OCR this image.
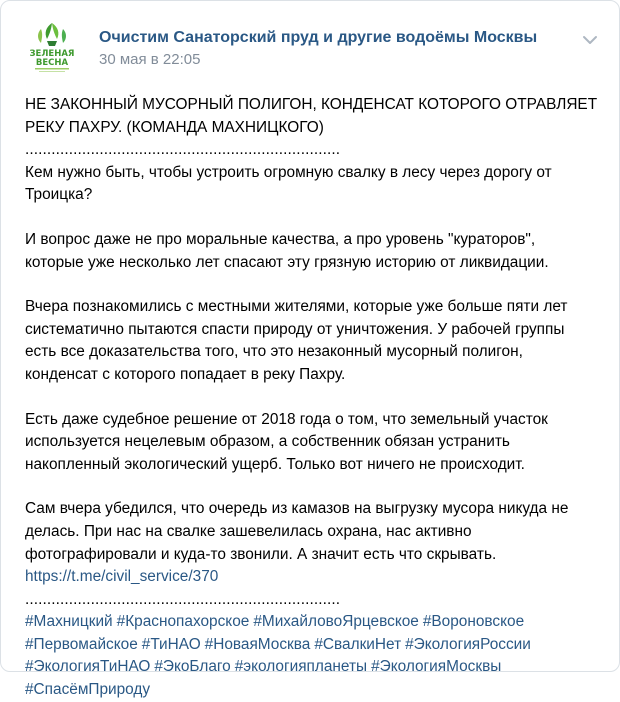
ЗЕЛЕНАЯ
ВЕСНА
Очистим Санаторский пруд и другие водоёмы Москвы
30 мая в 22:05

НЕ ЗАКОННЫЙ МУСОРНЫЙ ПОЛИГОН, КОНДЕНСАТ КОТОРОГО ОТРАВЛЯЕТ

РЕКУ ПАХРУ. (КОМАНДА МАХНИЦКОГО)

........................................................................

Кем нужно быть, чтобы устроить огромную свалку в лесу через дорогу от

Троицка?

И вопрос даже не про моральные качества, а про уровень "кураторов",

которые уже несколько лет спасают эту грязную историю от ликвидации.

Вчера познакомились с местными жителями, которые уже больше пяти лет

систематично пытаются спасти природу от уничтожения. У рабочей группы

есть все доказательства того, что это незаконный мусорный полигон,

конденсат с которого попадает в реку Пахру.

Есть даже судебное решение от 2018 года о том, что земельный участок

используется нецелевым образом, а собственник обязан устранить

накопленный экологический ущерб. Только вот ничего не происходит.

Сам вчера убедился, что очередь из камазов на выгрузку мусора никуда не

делась. При нас на свалке зашевелилась охрана, нас активно

фотографировали и куда-то звонили. А значит есть что скрывать.

https://t.me/civil_service/370

........................................................................

#Махницкий #Краснопахорское #МихайловоЯрцевское #Вороновское
#Первомайское #ТиНАО #НоваяМосква #СвалкиНет #ЭкологияРоссии
#ЭкологияТиНАО #ЭкоБлаго #экологияпланеты #ЭкологияМосквы
#СпасёмПрироду
